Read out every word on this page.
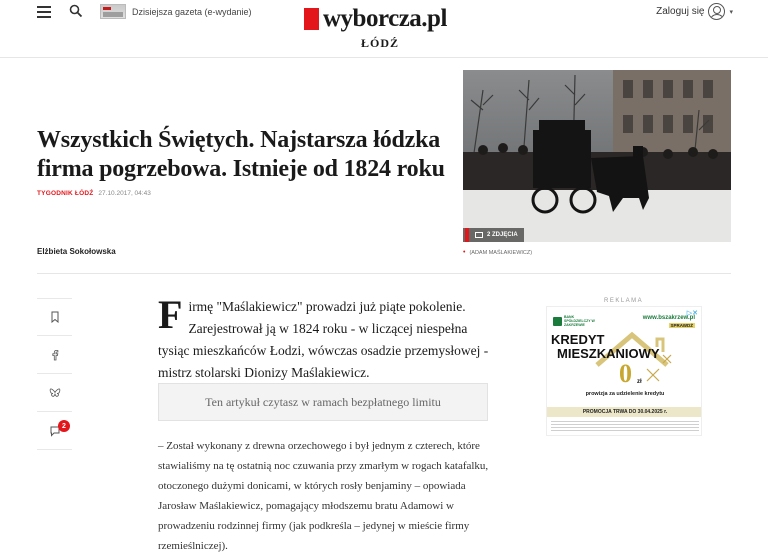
Dzisiejsza gazeta (e-wydanie)	wyborcza.pl
ŁÓDŹ
Zaloguj się	▾
Wszystkich Świętych. Najstarsza łódzka firma pogrzebowa. Istnieje od 1824 roku
TYGODNIK ŁÓDŹ 27.10.2017, 04:43
Elżbieta Sokołowska
2 ZDJĘCIA
• (ADAM MAŚLAKIEWICZ)
2
Firmę "Maślakiewicz" prowadzi już piąte pokolenie. Zarejestrował ją w 1824 roku - w liczącej niespełna tysiąc mieszkańców Łodzi, wówczas osadzie przemysłowej - mistrz stolarski Dionizy Maślakiewicz.
Ten artykuł czytasz w ramach bezpłatnego limitu
– Został wykonany z drewna orzechowego i był jednym z czterech, które stawialiśmy na tę ostatnią noc czuwania przy zmarłym w rogach katafalku, otoczonego dużymi donicami, w których rosły benjaminy – opowiada Jarosław Maślakiewicz, pomagający młodszemu bratu Adamowi w prowadzeniu rodzinnej firmy (jak podkreśla – jedynej w mieście firmy rzemieślniczej).
REKLAMA
▷✕
BANK SPÓŁDZIELCZY W ZAKRZEWIE
www.bszakrzew.pl
SPRAWDŹ
KREDYT
MIESZKANIOWY
0 zł
prowizja za udzielenie kredytu
PROMOCJA TRWA DO 30.04.2025 r.
